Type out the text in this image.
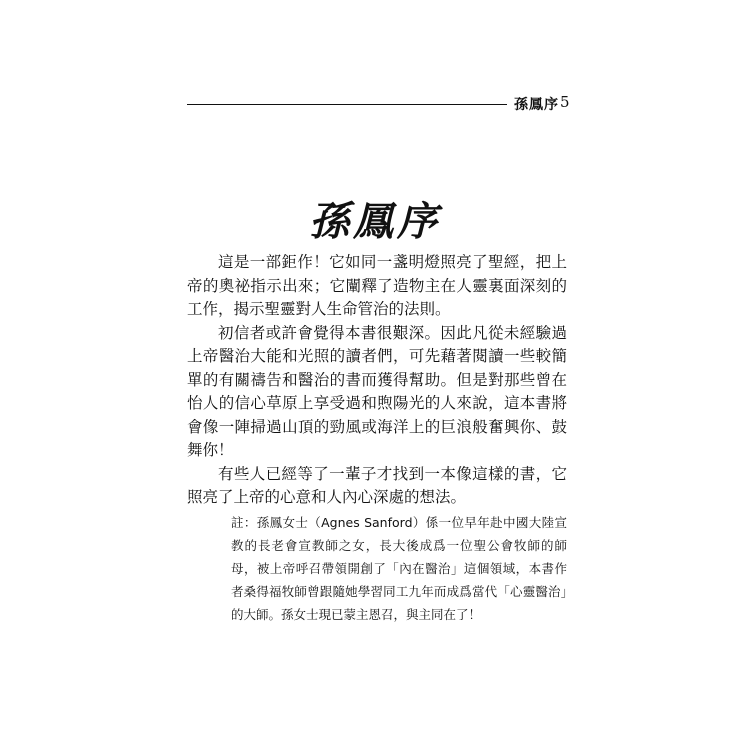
孫鳳序 5
孫鳳序

這是一部鉅作！它如同一盞明燈照亮了聖經，把上帝的奧祕指示出來；它闡釋了造物主在人靈裏面深刻的工作，揭示聖靈對人生命管治的法則。

初信者或許會覺得本書很艱深。因此凡從未經驗過上帝醫治大能和光照的讀者們，可先藉著閱讀一些較簡單的有關禱告和醫治的書而獲得幫助。但是對那些曾在怡人的信心草原上享受過和煦陽光的人來說，這本書將會像一陣掃過山頂的勁風或海洋上的巨浪般奮興你、鼓舞你！

有些人已經等了一輩子才找到一本像這樣的書，它照亮了上帝的心意和人內心深處的想法。

註：孫鳳女士（Agnes Sanford）係一位早年赴中國大陸宣教的長老會宣教師之女，長大後成爲一位聖公會牧師的師母，被上帝呼召帶領開創了「內在醫治」這個領域，本書作者桑得福牧師曾跟隨她學習同工九年而成爲當代「心靈醫治」的大師。孫女士現已蒙主恩召，與主同在了！
